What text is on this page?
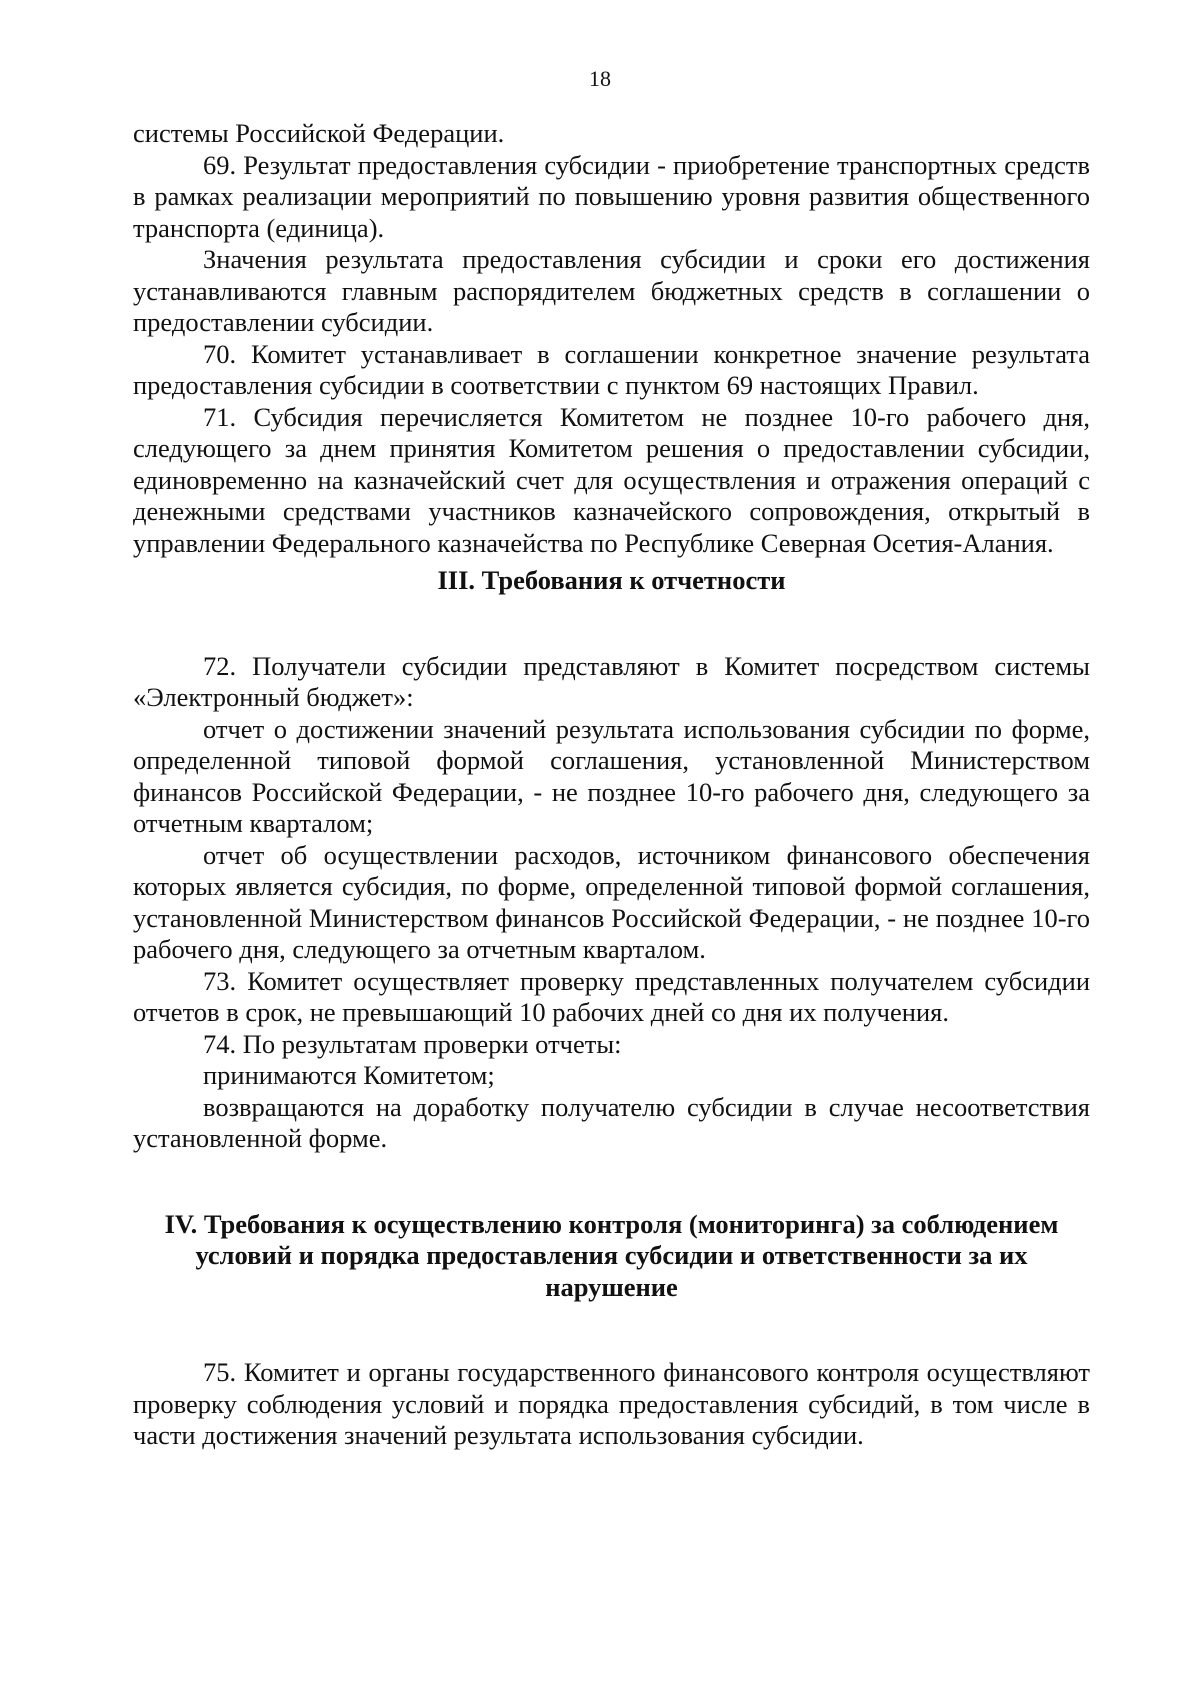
18

системы Российской Федерации.

69. Результат предоставления субсидии - приобретение транспортных средств в рамках реализации мероприятий по повышению уровня развития общественного транспорта (единица).

Значения результата предоставления субсидии и сроки его достижения устанавливаются главным распорядителем бюджетных средств в соглашении о предоставлении субсидии.

70. Комитет устанавливает в соглашении конкретное значение результата предоставления субсидии в соответствии с пунктом 69 настоящих Правил.

71. Субсидия перечисляется Комитетом не позднее 10-го рабочего дня, следующего за днем принятия Комитетом решения о предоставлении субсидии, единовременно на казначейский счет для осуществления и отражения операций с денежными средствами участников казначейского сопровождения, открытый в управлении Федерального казначейства по Республике Северная Осетия-Алания.

III. Требования к отчетности

72. Получатели субсидии представляют в Комитет посредством системы «Электронный бюджет»:

отчет о достижении значений результата использования субсидии по форме, определенной типовой формой соглашения, установленной Министерством финансов Российской Федерации, - не позднее 10-го рабочего дня, следующего за отчетным кварталом;

отчет об осуществлении расходов, источником финансового обеспечения которых является субсидия, по форме, определенной типовой формой соглашения, установленной Министерством финансов Российской Федерации, - не позднее 10-го рабочего дня, следующего за отчетным кварталом.

73. Комитет осуществляет проверку представленных получателем субсидии отчетов в срок, не превышающий 10 рабочих дней со дня их получения.

74. По результатам проверки отчеты:

принимаются Комитетом;

возвращаются на доработку получателю субсидии в случае несоответствия установленной форме.

IV. Требования к осуществлению контроля (мониторинга) за соблюдением условий и порядка предоставления субсидии и ответственности за их нарушение

75. Комитет и органы государственного финансового контроля осуществляют проверку соблюдения условий и порядка предоставления субсидий, в том числе в части достижения значений результата использования субсидии.
